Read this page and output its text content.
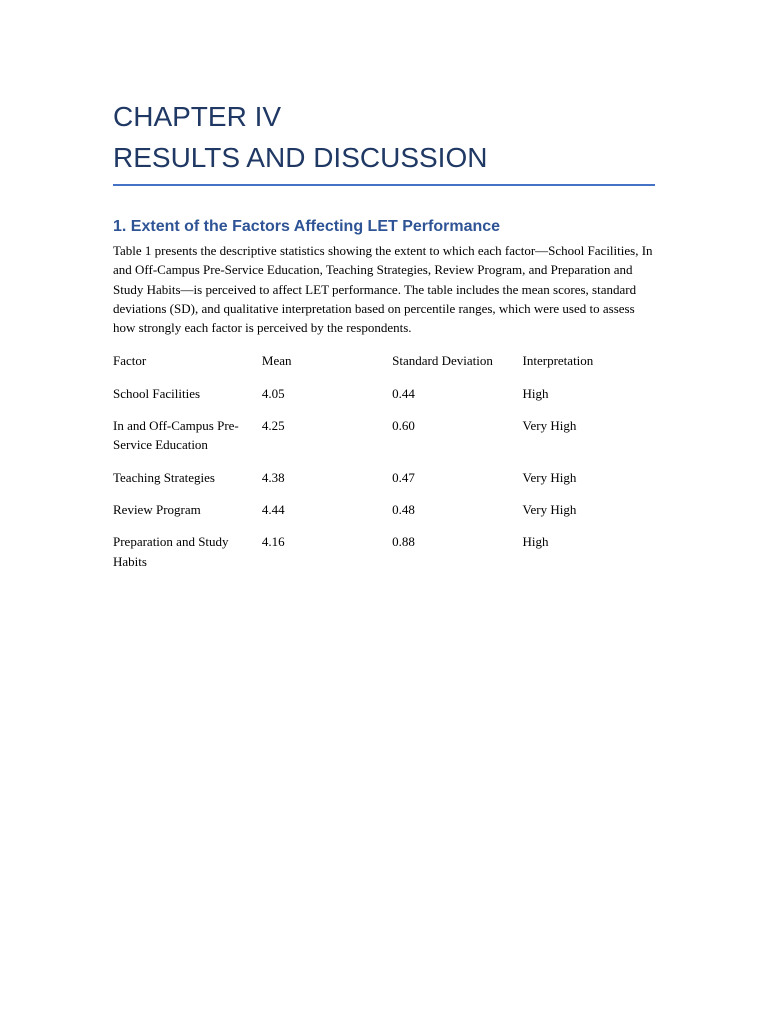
CHAPTER IV
RESULTS AND DISCUSSION
1. Extent of the Factors Affecting LET Performance

Table 1 presents the descriptive statistics showing the extent to which each factor—School Facilities, In and Off-Campus Pre-Service Education, Teaching Strategies, Review Program, and Preparation and Study Habits—is perceived to affect LET performance. The table includes the mean scores, standard deviations (SD), and qualitative interpretation based on percentile ranges, which were used to assess how strongly each factor is perceived by the respondents.

Factor	Mean	Standard Deviation	Interpretation
School Facilities	4.05	0.44	High
In and Off-Campus Pre-Service Education	4.25	0.60	Very High
Teaching Strategies	4.38	0.47	Very High
Review Program	4.44	0.48	Very High
Preparation and Study Habits	4.16	0.88	High
